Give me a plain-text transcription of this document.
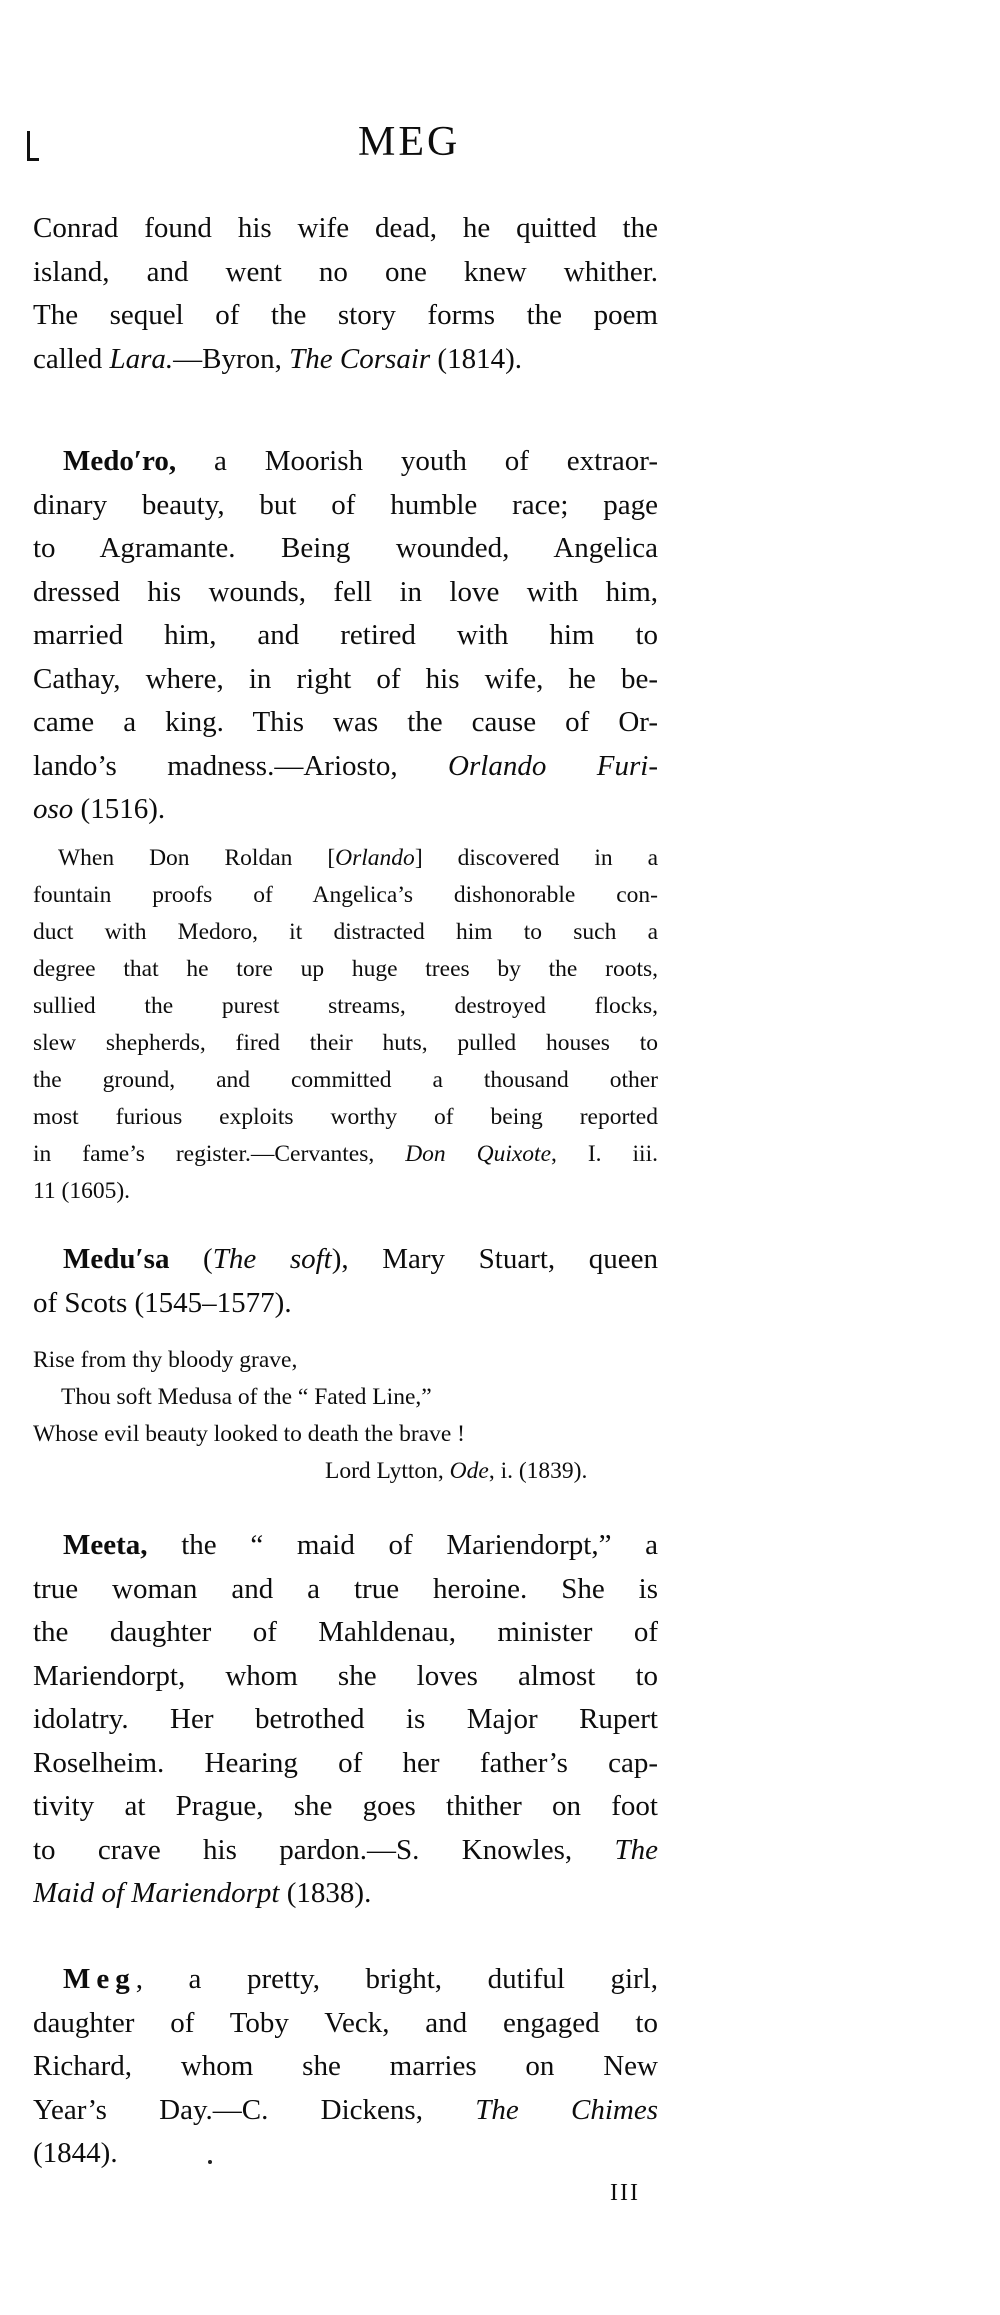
MEG
Conrad found his wife dead, he quitted the
island, and went no one knew whither.
The sequel of the story forms the poem
called Lara.—Byron, The Corsair (1814).
Medo′ro, a Moorish youth of extraor-
dinary beauty, but of humble race; page
to Agramante. Being wounded, Angelica
dressed his wounds, fell in love with him,
married him, and retired with him to
Cathay, where, in right of his wife, he be-
came a king. This was the cause of Or-
lando’s madness.—Ariosto, Orlando Furi-
oso (1516).
When Don Roldan [Orlando] discovered in a
fountain proofs of Angelica’s dishonorable con-
duct with Medoro, it distracted him to such a
degree that he tore up huge trees by the roots,
sullied the purest streams, destroyed flocks,
slew shepherds, fired their huts, pulled houses to
the ground, and committed a thousand other
most furious exploits worthy of being reported
in fame’s register.—Cervantes, Don Quixote, I. iii.
11 (1605).
Medu′sa (The soft), Mary Stuart, queen
of Scots (1545–1577).
Rise from thy bloody grave,
Thou soft Medusa of the “ Fated Line,”
Whose evil beauty looked to death the brave !
Lord Lytton, Ode, i. (1839).
Meeta, the “ maid of Mariendorpt,” a
true woman and a true heroine. She is
the daughter of Mahldenau, minister of
Mariendorpt, whom she loves almost to
idolatry. Her betrothed is Major Rupert
Roselheim. Hearing of her father’s cap-
tivity at Prague, she goes thither on foot
to crave his pardon.—S. Knowles, The
Maid of Mariendorpt (1838).
Meg, a pretty, bright, dutiful girl,
daughter of Toby Veck, and engaged to
Richard, whom she marries on New
Year’s Day.—C. Dickens, The Chimes
(1844).
III
